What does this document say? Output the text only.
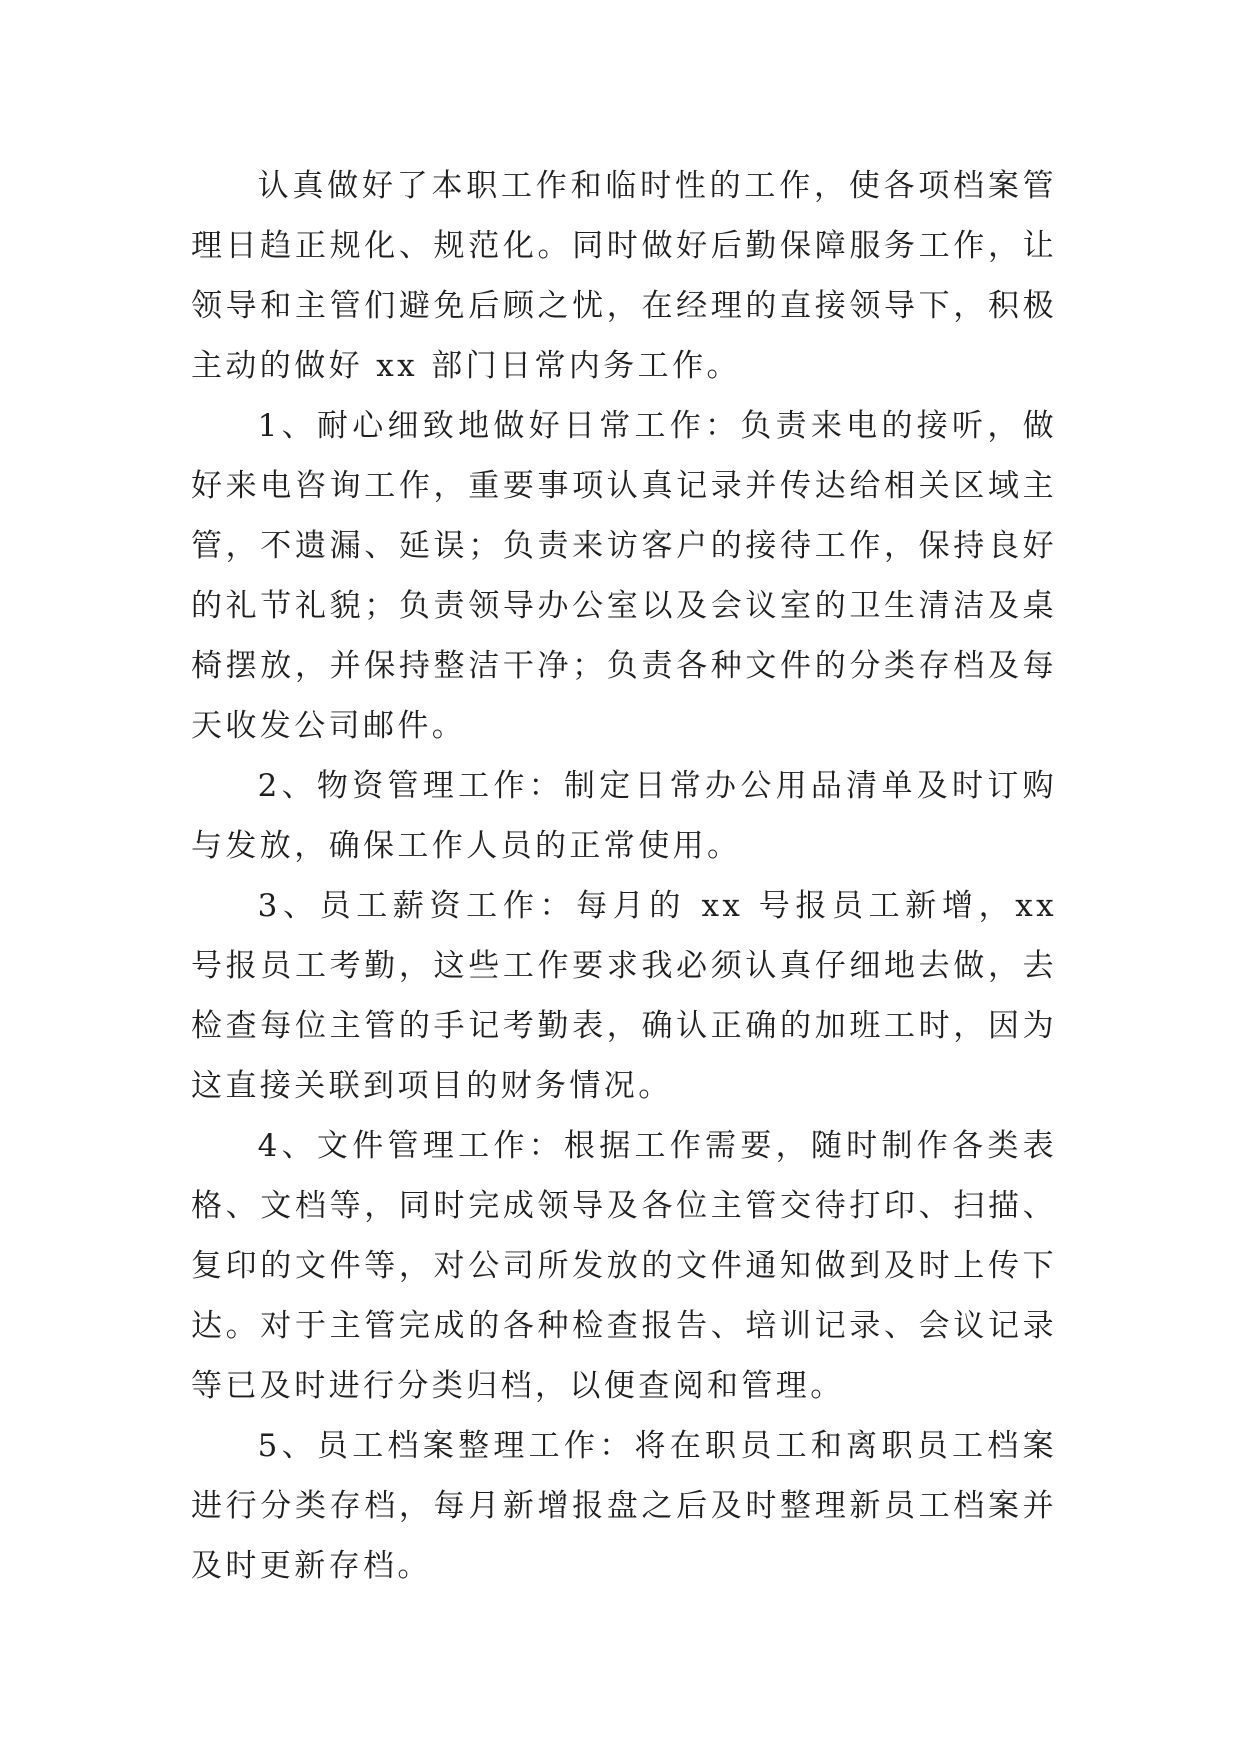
认真做好了本职工作和临时性的工作，使各项档案管理日趋正规化、规范化。同时做好后勤保障服务工作，让领导和主管们避免后顾之忧，在经理的直接领导下，积极主动的做好 xx 部门日常内务工作。

1、耐心细致地做好日常工作：负责来电的接听，做好来电咨询工作，重要事项认真记录并传达给相关区域主管，不遗漏、延误；负责来访客户的接待工作，保持良好的礼节礼貌；负责领导办公室以及会议室的卫生清洁及桌椅摆放，并保持整洁干净；负责各种文件的分类存档及每天收发公司邮件。

2、物资管理工作：制定日常办公用品清单及时订购与发放，确保工作人员的正常使用。

3、员工薪资工作：每月的 xx 号报员工新增，xx 号报员工考勤，这些工作要求我必须认真仔细地去做，去检查每位主管的手记考勤表，确认正确的加班工时，因为这直接关联到项目的财务情况。

4、文件管理工作：根据工作需要，随时制作各类表格、文档等，同时完成领导及各位主管交待打印、扫描、复印的文件等，对公司所发放的文件通知做到及时上传下达。对于主管完成的各种检查报告、培训记录、会议记录等已及时进行分类归档，以便查阅和管理。

5、员工档案整理工作：将在职员工和离职员工档案进行分类存档，每月新增报盘之后及时整理新员工档案并及时更新存档。
